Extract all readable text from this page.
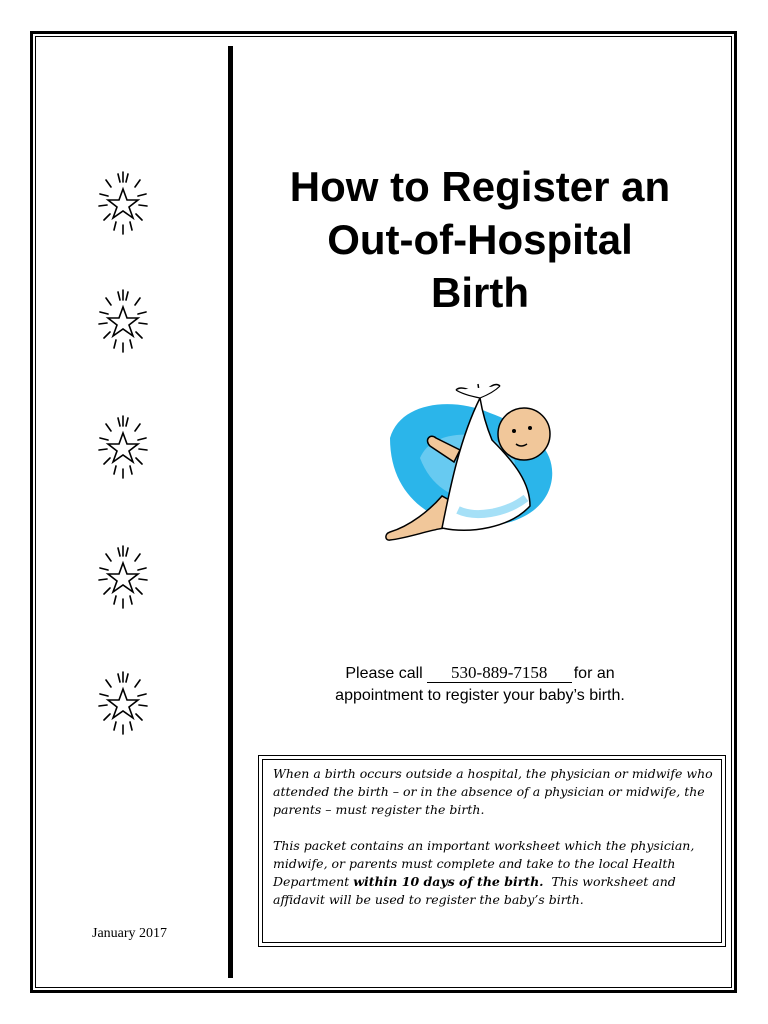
January 2017
How to Register an
Out-of-Hospital
Birth
Please call 530-889-7158 for an
appointment to register your baby’s birth.

When a birth occurs outside a hospital, the physician or midwife who attended the birth – or in the absence of a physician or midwife, the parents – must register the birth.

This packet contains an important worksheet which the physician, midwife, or parents must complete and take to the local Health Department within 10 days of the birth. This worksheet and affidavit will be used to register the baby’s birth.
